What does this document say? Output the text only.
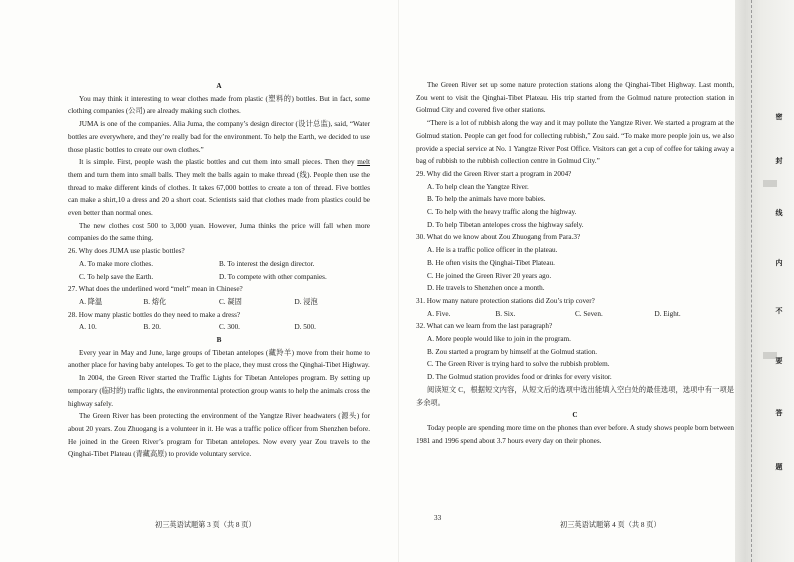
A

You may think it interesting to wear clothes made from plastic (塑料的) bottles. But in fact, some clothing companies (公司) are already making such clothes.

JUMA is one of the companies. Alia Juma, the company’s design director (设计总监), said, “Water bottles are everywhere, and they’re really bad for the environment. To help the Earth, we decided to use those plastic bottles to create our own clothes.”

It is simple. First, people wash the plastic bottles and cut them into small pieces. Then they melt them and turn them into small balls. They melt the balls again to make thread (线). People then use the thread to make different kinds of clothes. It takes 67,000 bottles to create a ton of thread. Five bottles can make a shirt,10 a dress and 20 a short coat. Scientists said that clothes made from plastics could be even better than normal ones.

The new clothes cost 500 to 3,000 yuan. However, Juma thinks the price will fall when more companies do the same thing.

26. Why does JUMA use plastic bottles?

A. To make more clothes.	B. To interest the design director.
C. To help save the Earth.	D. To compete with other companies.

27. What does the underlined word “melt” mean in Chinese?

A. 降温	B. 熔化	C. 凝固	D. 浸泡

28. How many plastic bottles do they need to make a dress?

A. 10.	B. 20.	C. 300.	D. 500.

B

Every year in May and June, large groups of Tibetan antelopes (藏羚羊) move from their home to another place for having baby antelopes. To get to the place, they must cross the Qinghai-Tibet Highway.

In 2004, the Green River started the Traffic Lights for Tibetan Antelopes program. By setting up temporary (临时的) traffic lights, the environmental protection group wants to help the animals cross the highway safely.

The Green River has been protecting the environment of the Yangtze River headwaters (源头) for about 20 years. Zou Zhuogang is a volunteer in it. He was a traffic police officer from Shenzhen before. He joined in the Green River’s program for Tibetan antelopes. Now every year Zou travels to the Qinghai-Tibet Plateau (青藏高原) to provide voluntary service.

初三英语试题第 3 页（共 8 页）

The Green River set up some nature protection stations along the Qinghai-Tibet Highway. Last month, Zou went to visit the Qinghai-Tibet Plateau. His trip started from the Golmud nature protection station in Golmud City and covered five other stations.

“There is a lot of rubbish along the way and it may pollute the Yangtze River. We started a program at the Golmud station. People can get food for collecting rubbish,” Zou said. “To make more people join us, we also provide a special service at No. 1 Yangtze River Post Office. Visitors can get a cup of coffee for taking away a bag of rubbish to the rubbish collection centre in Golmud City.”

29. Why did the Green River start a program in 2004?

A. To help clean the Yangtze River.

B. To help the animals have more babies.

C. To help with the heavy traffic along the highway.

D. To help Tibetan antelopes cross the highway safely.

30. What do we know about Zou Zhuogang from Para.3?

A. He is a traffic police officer in the plateau.

B. He often visits the Qinghai-Tibet Plateau.

C. He joined the Green River 20 years ago.

D. He travels to Shenzhen once a month.

31. How many nature protection stations did Zou’s trip cover?

A. Five.	B. Six.	C. Seven.	D. Eight.

32. What can we learn from the last paragraph?

A. More people would like to join in the program.

B. Zou started a program by himself at the Golmud station.

C. The Green River is trying hard to solve the rubbish problem.

D. The Golmud station provides food or drinks for every visitor.

阅读短文 C，根据短文内容，从短文后的选项中选出能填入空白处的最佳选项，选项中有一项是多余项。

C

Today people are spending more time on the phones than ever before. A study shows people born between 1981 and 1996 spend about 3.7 hours every day on their phones.

33
初三英语试题第 4 页（共 8 页）
密
封
线
内
不
要
答
题
